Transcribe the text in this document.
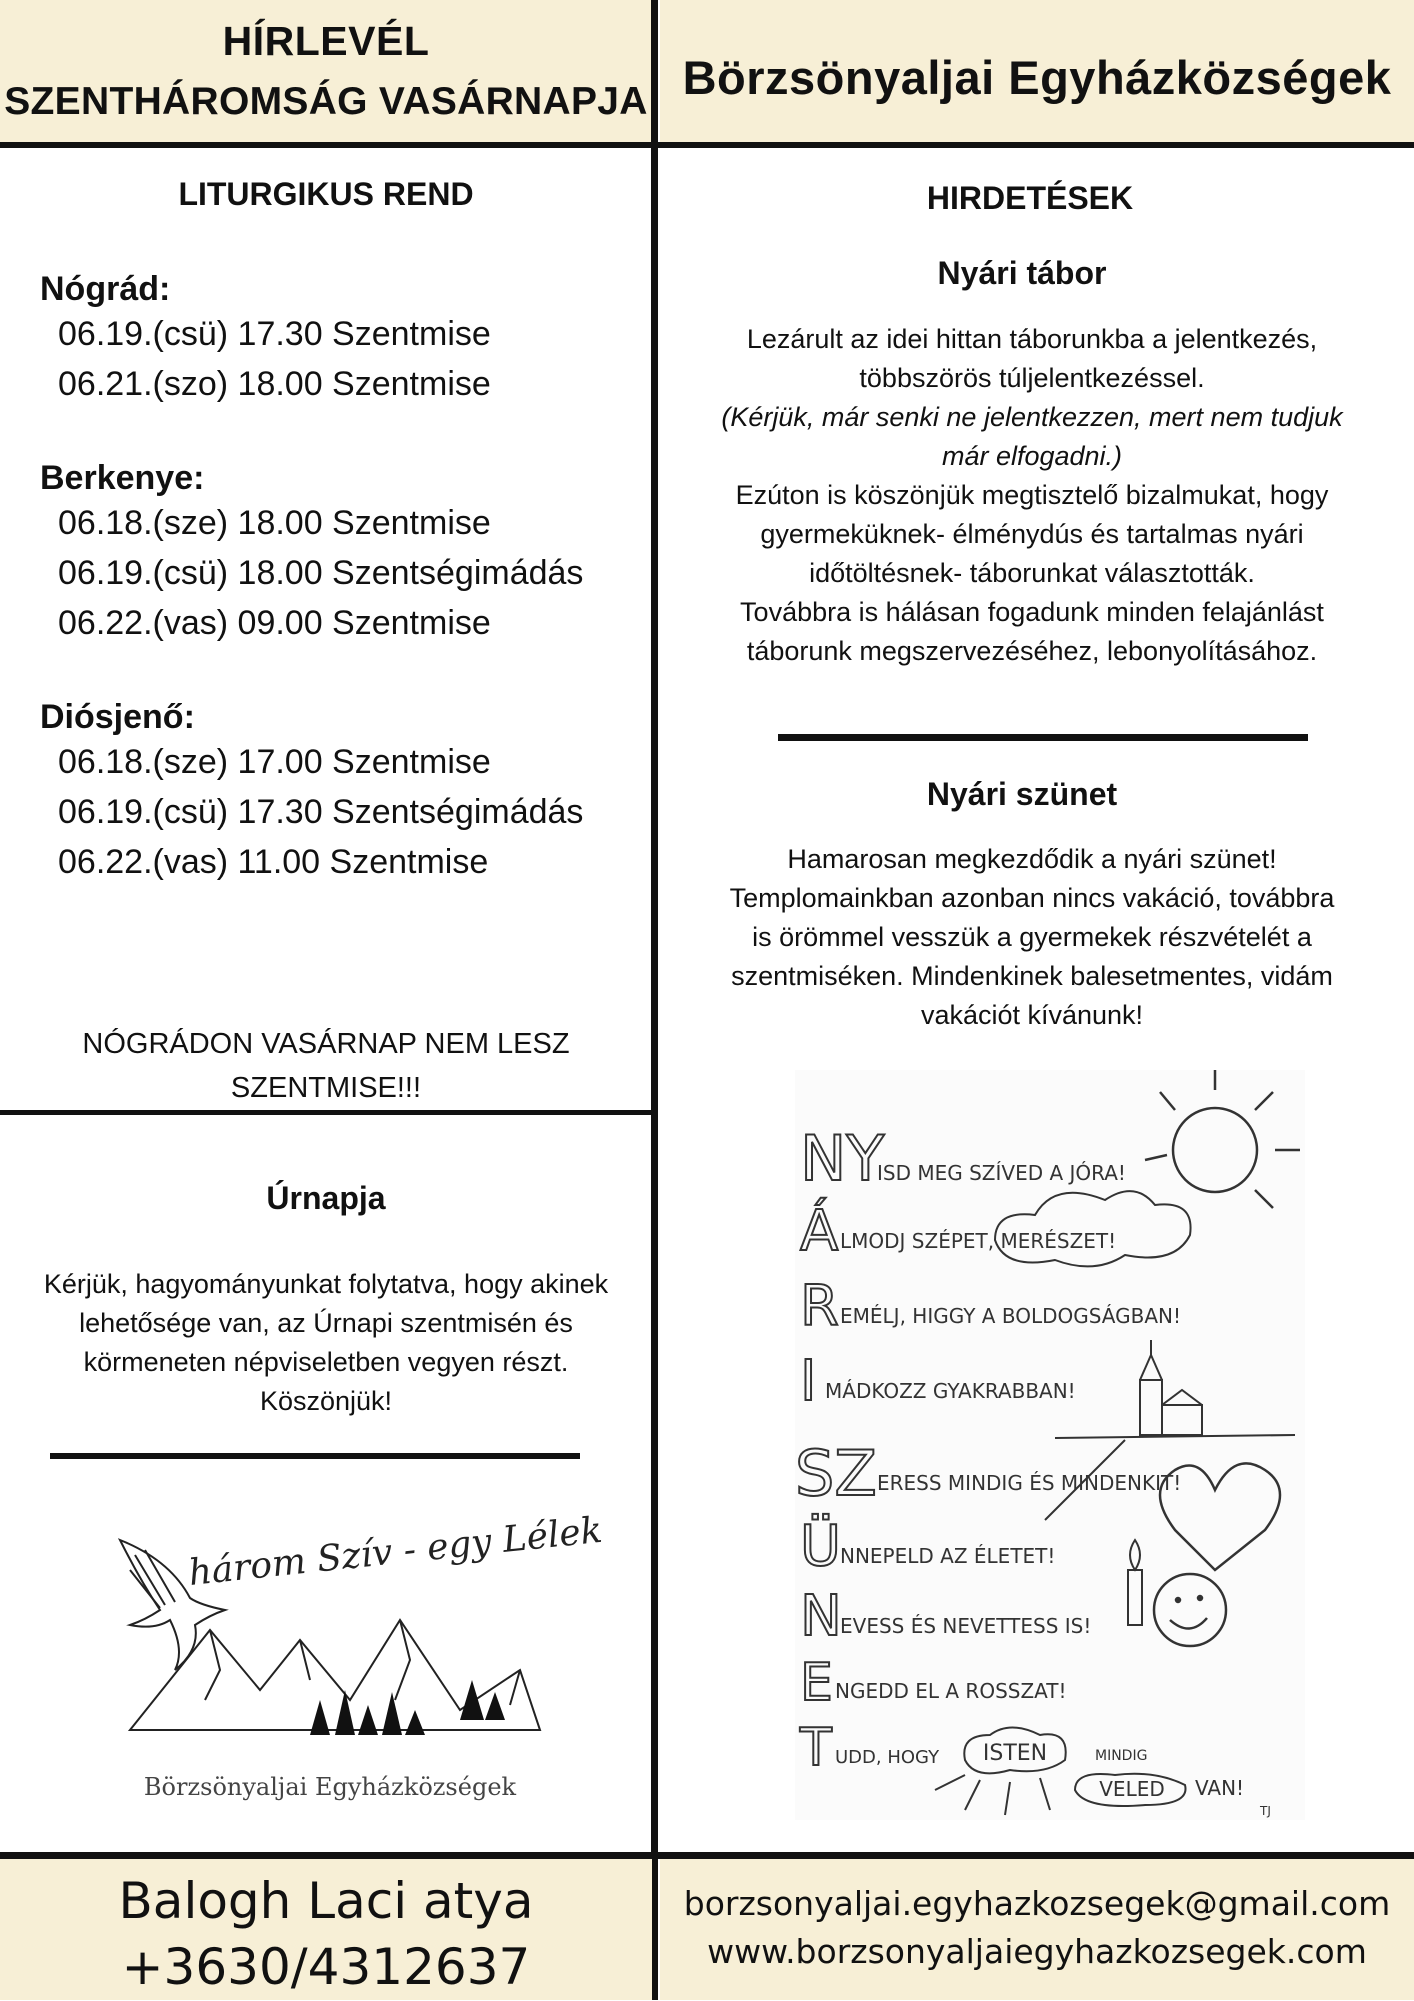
HÍRLEVÉL
SZENTHÁROMSÁG VASÁRNAPJA Börzsönyaljai Egyházközségek
LITURGIKUS REND
Nógrád:
06.19.(csü) 17.30 Szentmise
06.21.(szo) 18.00 Szentmise
Berkenye:
06.18.(sze) 18.00 Szentmise
06.19.(csü) 18.00 Szentségimádás
06.22.(vas) 09.00 Szentmise
Diósjenő:
06.18.(sze) 17.00 Szentmise
06.19.(csü) 17.30 Szentségimádás
06.22.(vas) 11.00 Szentmise
NÓGRÁDON VASÁRNAP NEM LESZ
SZENTMISE!!!
Úrnapja
Kérjük, hagyományunkat folytatva, hogy akinek
lehetősége van, az Úrnapi szentmisén és
körmeneten népviseletben vegyen részt.
Köszönjük!
három Szív - egy Lélek
Börzsönyaljai Egyházközségek
HIRDETÉSEK
Nyári tábor
Lezárult az idei hittan táborunkba a jelentkezés,
többszörös túljelentkezéssel.
(Kérjük, már senki ne jelentkezzen, mert nem tudjuk
már elfogadni.)
Ezúton is köszönjük megtisztelő bizalmukat, hogy
gyermeküknek- élménydús és tartalmas nyári
időtöltésnek- táborunkat választották.
Továbbra is hálásan fogadunk minden felajánlást
táborunk megszervezéséhez, lebonyolításához.
Nyári szünet
Hamarosan megkezdődik a nyári szünet!
Templomainkban azonban nincs vakáció, továbbra
is örömmel vesszük a gyermekek részvételét a
szentmiséken. Mindenkinek balesetmentes, vidám
vakációt kívánunk!
NY
ISD MEG SZÍVED A JÓRA!
Á LMODJ SZÉPET, MERÉSZET!
R EMÉLJ, HIGGY A BOLDOGSÁGBAN!
I MÁDKOZZ GYAKRABBAN!
SZ ERESS MINDIG ÉS MINDENKIT!
Ü NNEPELD AZ ÉLETET!
N
EVESS ÉS NEVETTESS IS!
E NGEDD EL A ROSSZAT!
T UDD, HOGY ISTEN	MINDIG
VELED VAN!
TJ
Balogh Laci atya
+3630/4312637
borzsonyaljai.egyhazkozsegek@gmail.com
www.borzsonyaljaiegyhazkozsegek.com
